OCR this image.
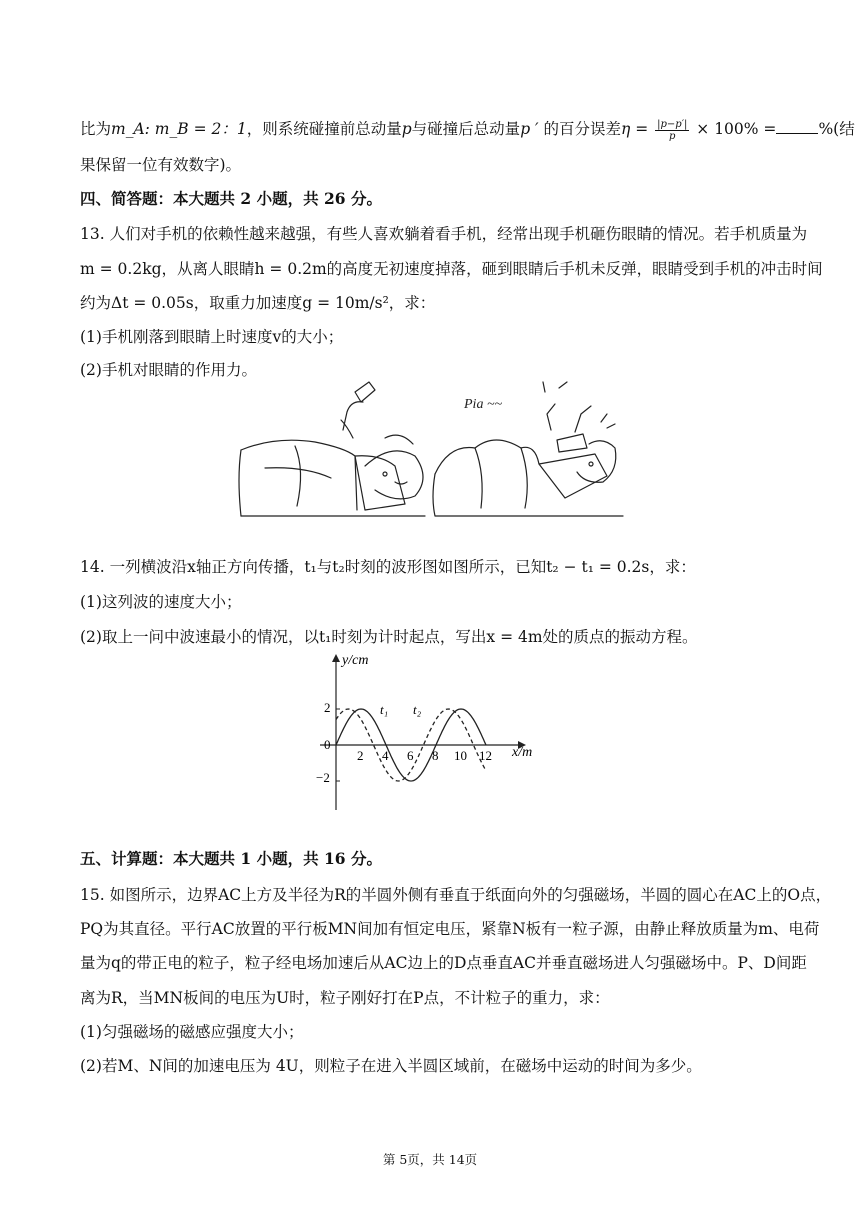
比为m_A: m_B = 2：1，则系统碰撞前总动量p与碰撞后总动量p ′ 的百分误差$\eta = \frac{|p-p'|}{p} \times 100\%$ =	%(结
果保留一位有效数字)。
四、简答题：本大题共 2 小题，共 26 分。
13. 人们对手机的依赖性越来越强，有些人喜欢躺着看手机，经常出现手机砸伤眼睛的情况。若手机质量为
m = 0.2kg，从离人眼睛h = 0.2m的高度无初速度掉落，砸到眼睛后手机未反弹，眼睛受到手机的冲击时间
约为Δt = 0.05s，取重力加速度g = 10m/s²，求：
(1)手机刚落到眼睛上时速度v的大小；
(2)手机对眼睛的作用力。
Pia ~~
14. 一列横波沿x轴正方向传播，t₁与t₂时刻的波形图如图所示，已知t₂ − t₁ = 0.2s，求：
(1)这列波的速度大小；
(2)取上一问中波速最小的情况，以t₁时刻为计时起点，写出x = 4m处的质点的振动方程。
y/cm
x/m
2
0
−2
2 4 6 8 10 12
t₁ t₂
五、计算题：本大题共 1 小题，共 16 分。
15. 如图所示，边界AC上方及半径为R的半圆外侧有垂直于纸面向外的匀强磁场，半圆的圆心在AC上的O点，
PQ为其直径。平行AC放置的平行板MN间加有恒定电压，紧靠N板有一粒子源，由静止释放质量为m、电荷
量为q的带正电的粒子，粒子经电场加速后从AC边上的D点垂直AC并垂直磁场进人匀强磁场中。P、D间距
离为R，当MN板间的电压为U时，粒子刚好打在P点，不计粒子的重力，求：
(1)匀强磁场的磁感应强度大小；
(2)若M、N间的加速电压为 4U，则粒子在进入半圆区域前，在磁场中运动的时间为多少。
第 5页，共 14页
